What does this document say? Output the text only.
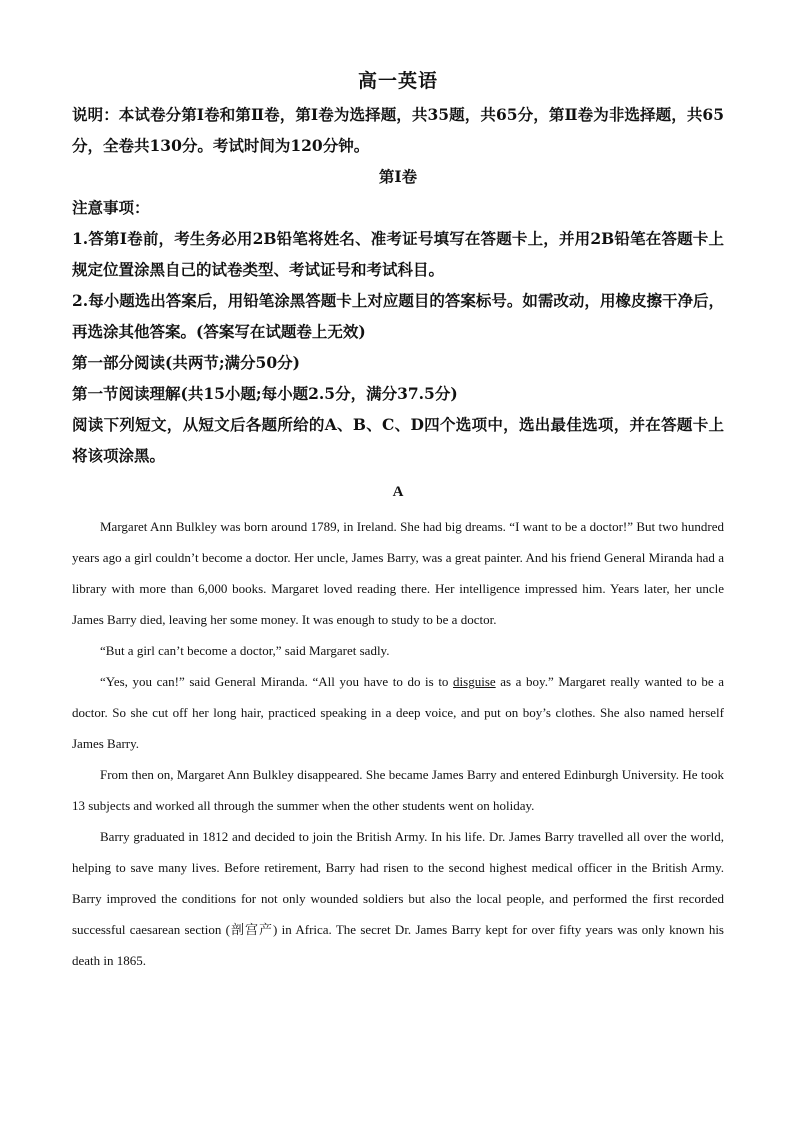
高一英语

说明：本试卷分第Ⅰ卷和第Ⅱ卷，第Ⅰ卷为选择题，共35题，共65分，第Ⅱ卷为非选择题，共65分，全卷共130分。考试时间为120分钟。

第Ⅰ卷

注意事项：

1.答第Ⅰ卷前，考生务必用2B铅笔将姓名、准考证号填写在答题卡上，并用2B铅笔在答题卡上规定位置涂黑自己的试卷类型、考试证号和考试科目。

2.每小题选出答案后，用铅笔涂黑答题卡上对应题目的答案标号。如需改动，用橡皮擦干净后，再选涂其他答案。(答案写在试题卷上无效)

第一部分阅读(共两节;满分50分)

第一节阅读理解(共15小题;每小题2.5分，满分37.5分)

阅读下列短文，从短文后各题所给的A、B、C、D四个选项中，选出最佳选项，并在答题卡上将该项涂黑。

A

Margaret Ann Bulkley was born around 1789, in Ireland. She had big dreams. “I want to be a doctor!” But two hundred years ago a girl couldn’t become a doctor. Her uncle, James Barry, was a great painter. And his friend General Miranda had a library with more than 6,000 books. Margaret loved reading there. Her intelligence impressed him. Years later, her uncle James Barry died, leaving her some money. It was enough to study to be a doctor.

“But a girl can’t become a doctor,” said Margaret sadly.

“Yes, you can!” said General Miranda. “All you have to do is to disguise as a boy.” Margaret really wanted to be a doctor. So she cut off her long hair, practiced speaking in a deep voice, and put on boy’s clothes. She also named herself James Barry.

From then on, Margaret Ann Bulkley disappeared. She became James Barry and entered Edinburgh University. He took 13 subjects and worked all through the summer when the other students went on holiday.

Barry graduated in 1812 and decided to join the British Army. In his life. Dr. James Barry travelled all over the world, helping to save many lives. Before retirement, Barry had risen to the second highest medical officer in the British Army. Barry improved the conditions for not only wounded soldiers but also the local people, and performed the first recorded successful caesarean section (剖宫产) in Africa. The secret Dr. James Barry kept for over fifty years was only known his death in 1865.
